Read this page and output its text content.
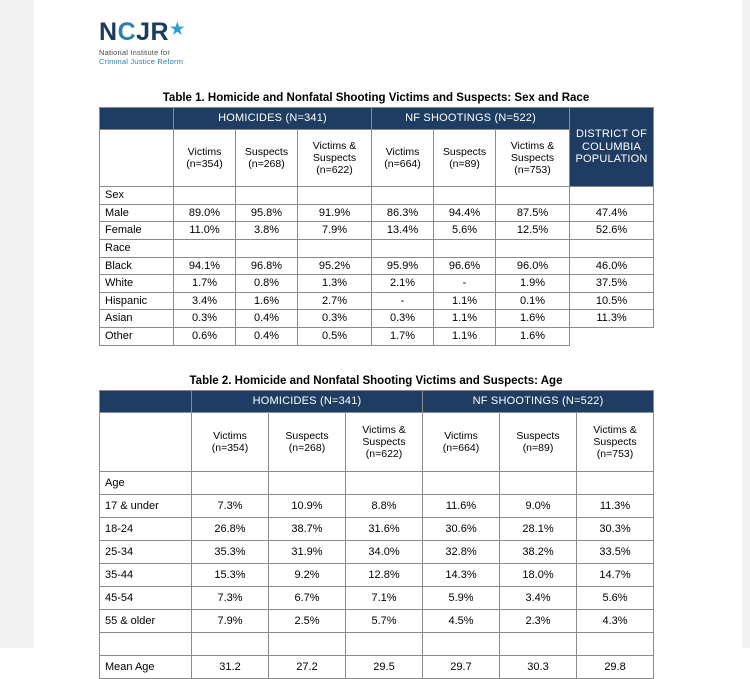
NCJR★
National Institute for
Criminal Justice Reform
Table 1. Homicide and Nonfatal Shooting Victims and Suspects: Sex and Race
	HOMICIDES (N=341)			NF SHOOTINGS (N=522)			DISTRICT OF COLUMBIA POPULATION
	Victims (n=354)	Suspects (n=268)	Victims & Suspects (n=622)	Victims (n=664)	Suspects (n=89)	Victims & Suspects (n=753)	
Sex							
Male	89.0%	95.8%	91.9%	86.3%	94.4%	87.5%	47.4%
Female	11.0%	3.8%	7.9%	13.4%	5.6%	12.5%	52.6%
Race							
Black	94.1%	96.8%	95.2%	95.9%	96.6%	96.0%	46.0%
White	1.7%	0.8%	1.3%	2.1%	-	1.9%	37.5%
Hispanic	3.4%	1.6%	2.7%	-	1.1%	0.1%	10.5%
Asian	0.3%	0.4%	0.3%	0.3%	1.1%	1.6%	11.3%
Other	0.6%	0.4%	0.5%	1.7%	1.1%	1.6%	
Table 2. Homicide and Nonfatal Shooting Victims and Suspects: Age
	HOMICIDES (N=341)			NF SHOOTINGS (N=522)		
	Victims (n=354)	Suspects (n=268)	Victims & Suspects (n=622)	Victims (n=664)	Suspects (n=89)	Victims & Suspects (n=753)
Age						
17 & under	7.3%	10.9%	8.8%	11.6%	9.0%	11.3%
18-24	26.8%	38.7%	31.6%	30.6%	28.1%	30.3%
25-34	35.3%	31.9%	34.0%	32.8%	38.2%	33.5%
35-44	15.3%	9.2%	12.8%	14.3%	18.0%	14.7%
45-54	7.3%	6.7%	7.1%	5.9%	3.4%	5.6%
55 & older	7.9%	2.5%	5.7%	4.5%	2.3%	4.3%

Mean Age	31.2	27.2	29.5	29.7	30.3	29.8
